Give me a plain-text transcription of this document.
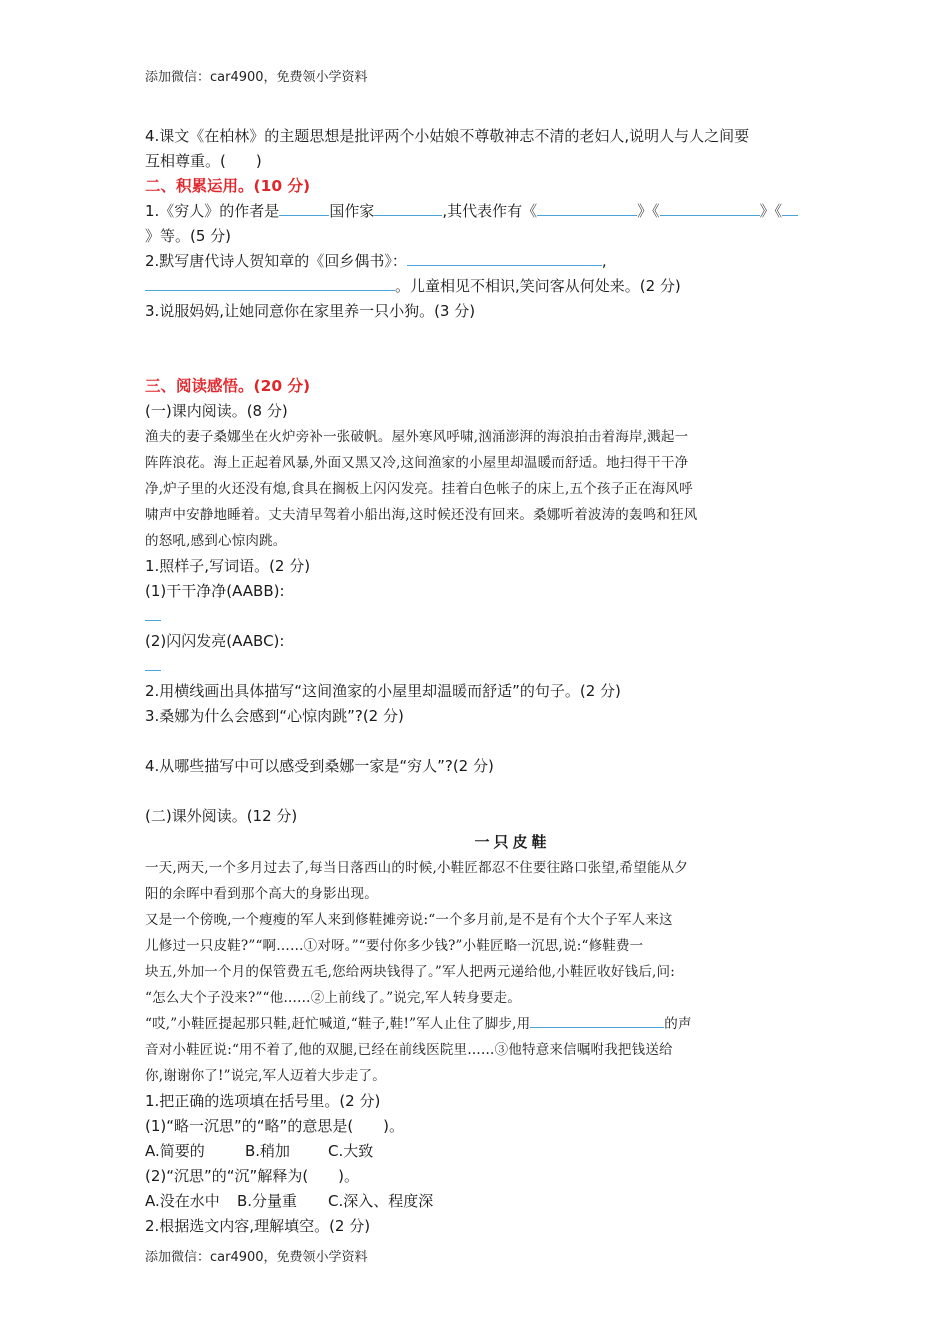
添加微信：car4900，免费领小学资料
4.课文《在柏林》的主题思想是批评两个小姑娘不尊敬神志不清的老妇人,说明人与人之间要
互相尊重。(　　)
二、积累运用。(10 分)
1.《穷人》的作者是	国作家	,其代表作有《	》《	》《
》等。(5 分)
2.默写唐代诗人贺知章的《回乡偶书》：	,
。儿童相见不相识,笑问客从何处来。(2 分)
3.说服妈妈,让她同意你在家里养一只小狗。(3 分)
三、阅读感悟。(20 分)
(一)课内阅读。(8 分)
渔夫的妻子桑娜坐在火炉旁补一张破帆。屋外寒风呼啸,汹涌澎湃的海浪拍击着海岸,溅起一
阵阵浪花。海上正起着风暴,外面又黑又冷,这间渔家的小屋里却温暖而舒适。地扫得干干净
净,炉子里的火还没有熄,食具在搁板上闪闪发亮。挂着白色帐子的床上,五个孩子正在海风呼
啸声中安静地睡着。丈夫清早驾着小船出海,这时候还没有回来。桑娜听着波涛的轰鸣和狂风
的怒吼,感到心惊肉跳。
1.照样子,写词语。(2 分)
(1)干干净净(AABB):
(2)闪闪发亮(AABC):
2.用横线画出具体描写“这间渔家的小屋里却温暖而舒适”的句子。(2 分)
3.桑娜为什么会感到“心惊肉跳”?(2 分)
4.从哪些描写中可以感受到桑娜一家是“穷人”?(2 分)
(二)课外阅读。(12 分)
一只皮鞋
一天,两天,一个多月过去了,每当日落西山的时候,小鞋匠都忍不住要往路口张望,希望能从夕
阳的余晖中看到那个高大的身影出现。
又是一个傍晚,一个瘦瘦的军人来到修鞋摊旁说:“一个多月前,是不是有个大个子军人来这
儿修过一只皮鞋?”“啊……①对呀。”“要付你多少钱?”小鞋匠略一沉思,说:“修鞋费一
块五,外加一个月的保管费五毛,您给两块钱得了。”军人把两元递给他,小鞋匠收好钱后,问:
“怎么大个子没来?”“他……②上前线了。”说完,军人转身要走。
“哎,”小鞋匠提起那只鞋,赶忙喊道,“鞋子,鞋!”军人止住了脚步,用	的声
音对小鞋匠说:“用不着了,他的双腿,已经在前线医院里……③他特意来信嘱咐我把钱送给
你,谢谢你了!”说完,军人迈着大步走了。
1.把正确的选项填在括号里。(2 分)
(1)“略一沉思”的“略”的意思是(　　)。
A.简要的	B.稍加	C.大致
(2)“沉思”的“沉”解释为(　　)。
A.没在水中 B.分量重 C.深入、程度深
2.根据选文内容,理解填空。(2 分)
添加微信：car4900，免费领小学资料
